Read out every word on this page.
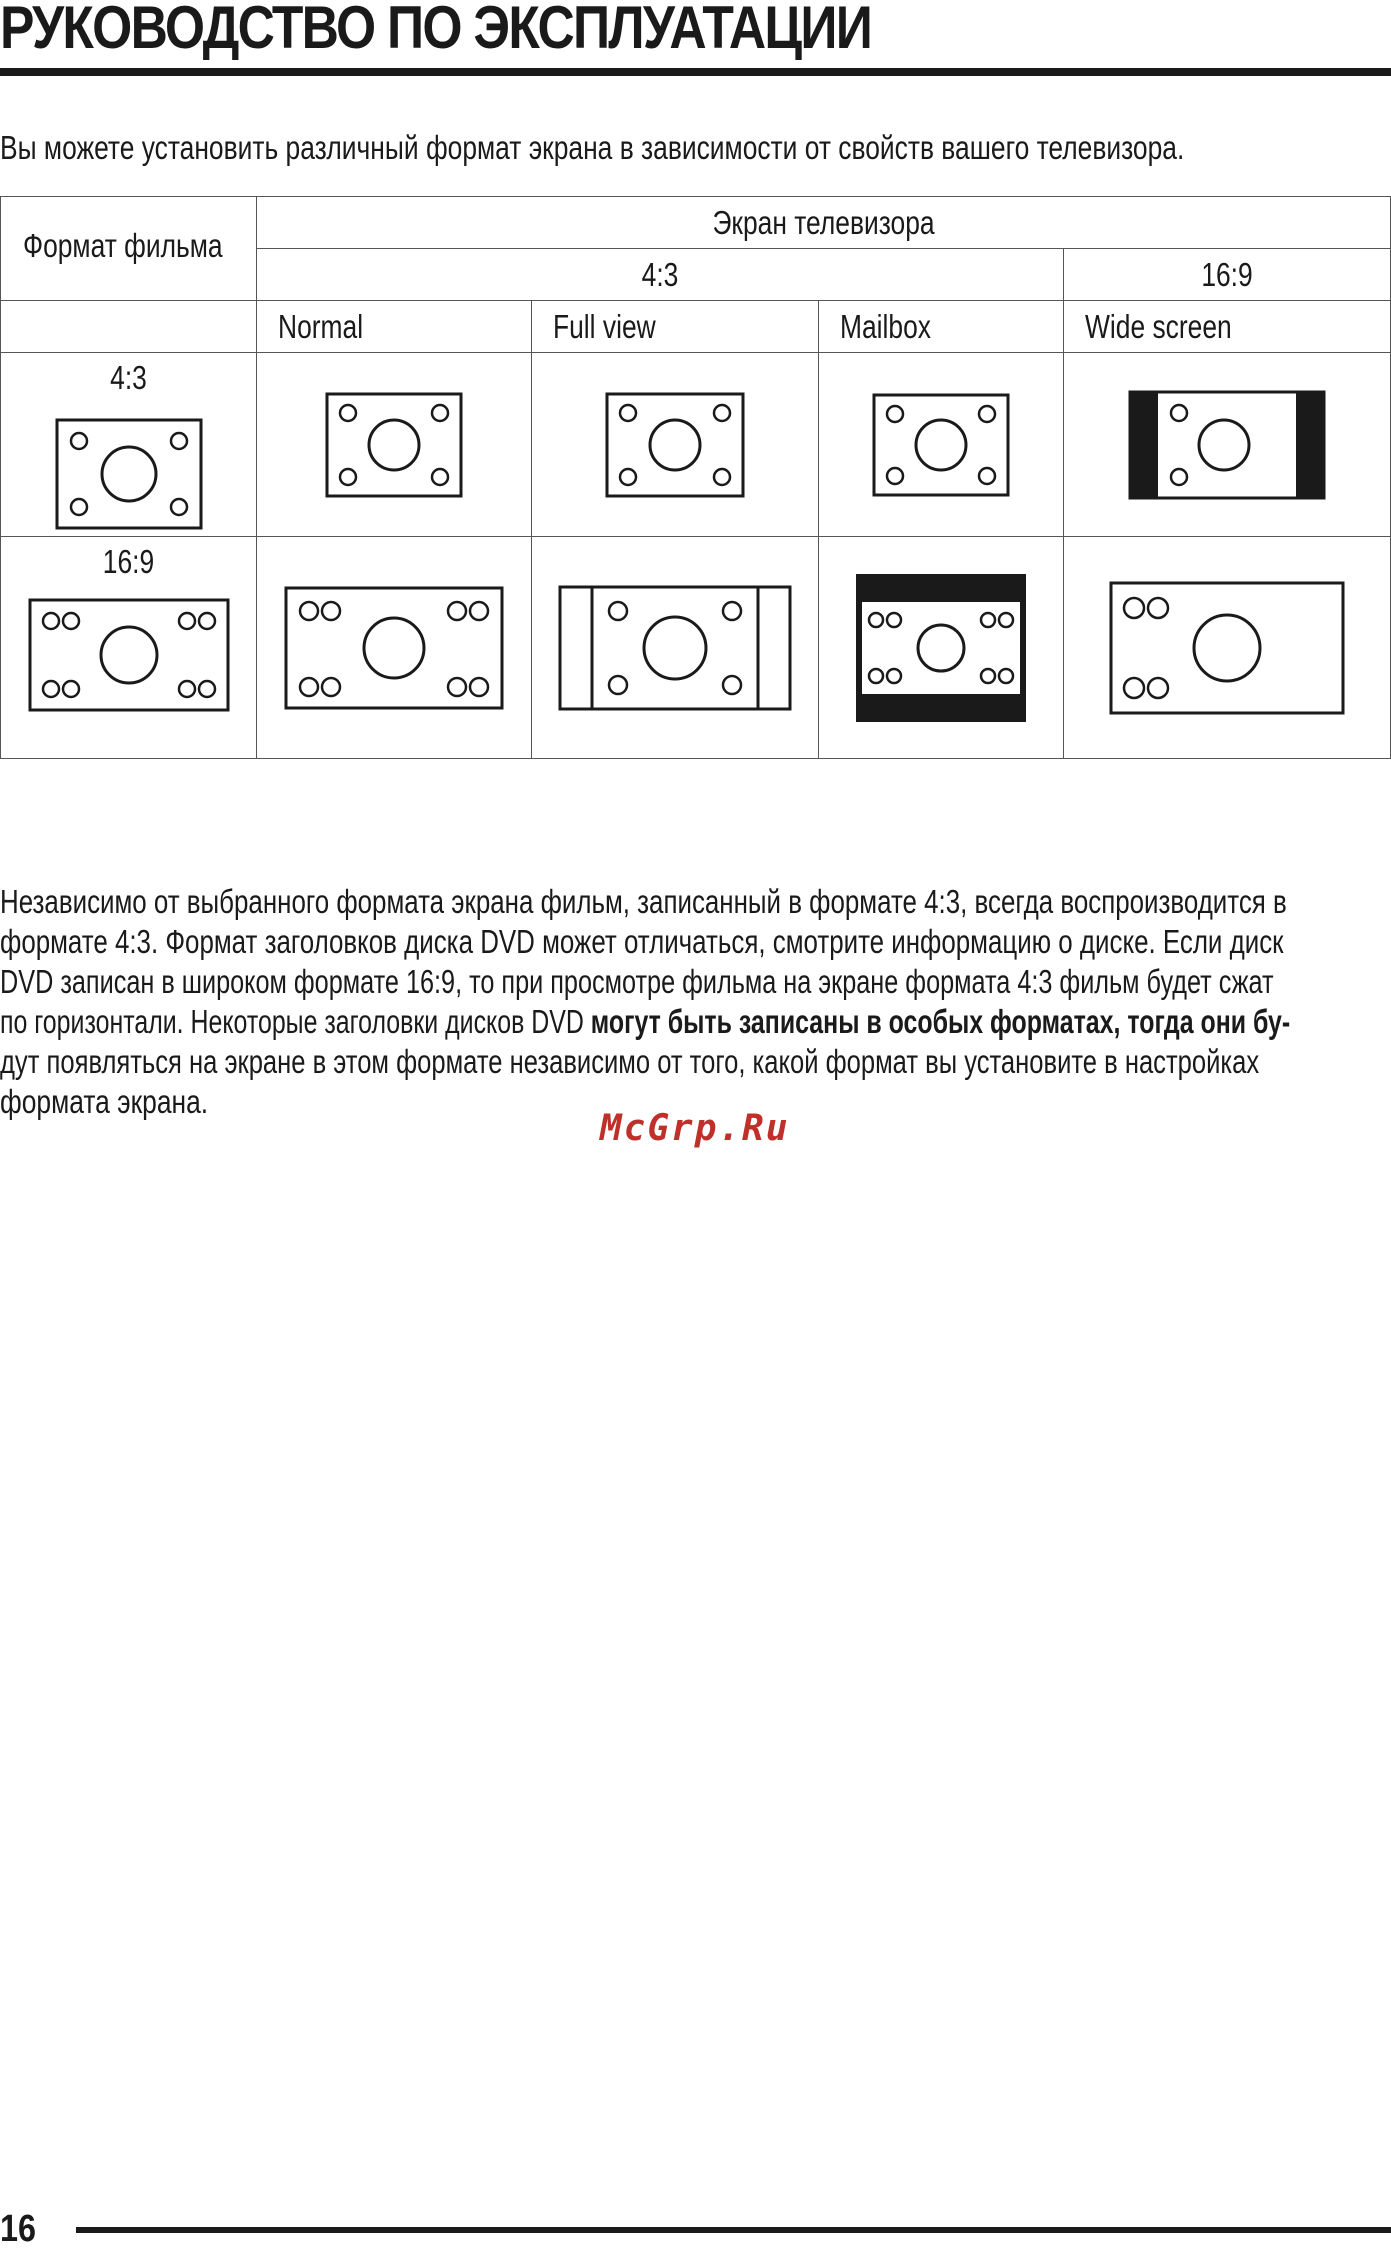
РУКОВОДСТВО ПО ЭКСПЛУАТАЦИИ

Вы можете установить различный формат экрана в зависимости от свойств вашего телевизора.

Формат фильма	Экран телевизора			

	4:3			16:9

	Normal	Full view	Mailbox	Wide screen

4:3

16:9

Независимо от выбранного формата экрана фильм, записанный в формате 4:3, всегда воспроизводится в
формате 4:3. Формат заголовков диска DVD может отличаться, смотрите информацию о диске. Если диск
DVD записан в широком формате 16:9, то при просмотре фильма на экране формата 4:3 фильм будет сжат
по горизонтали. Некоторые заголовки дисков DVD могут быть записаны в особых форматах, тогда они бу-
дут появляться на экране в этом формате независимо от того, какой формат вы установите в настройках
формата экрана.

McGrp.Ru

16
